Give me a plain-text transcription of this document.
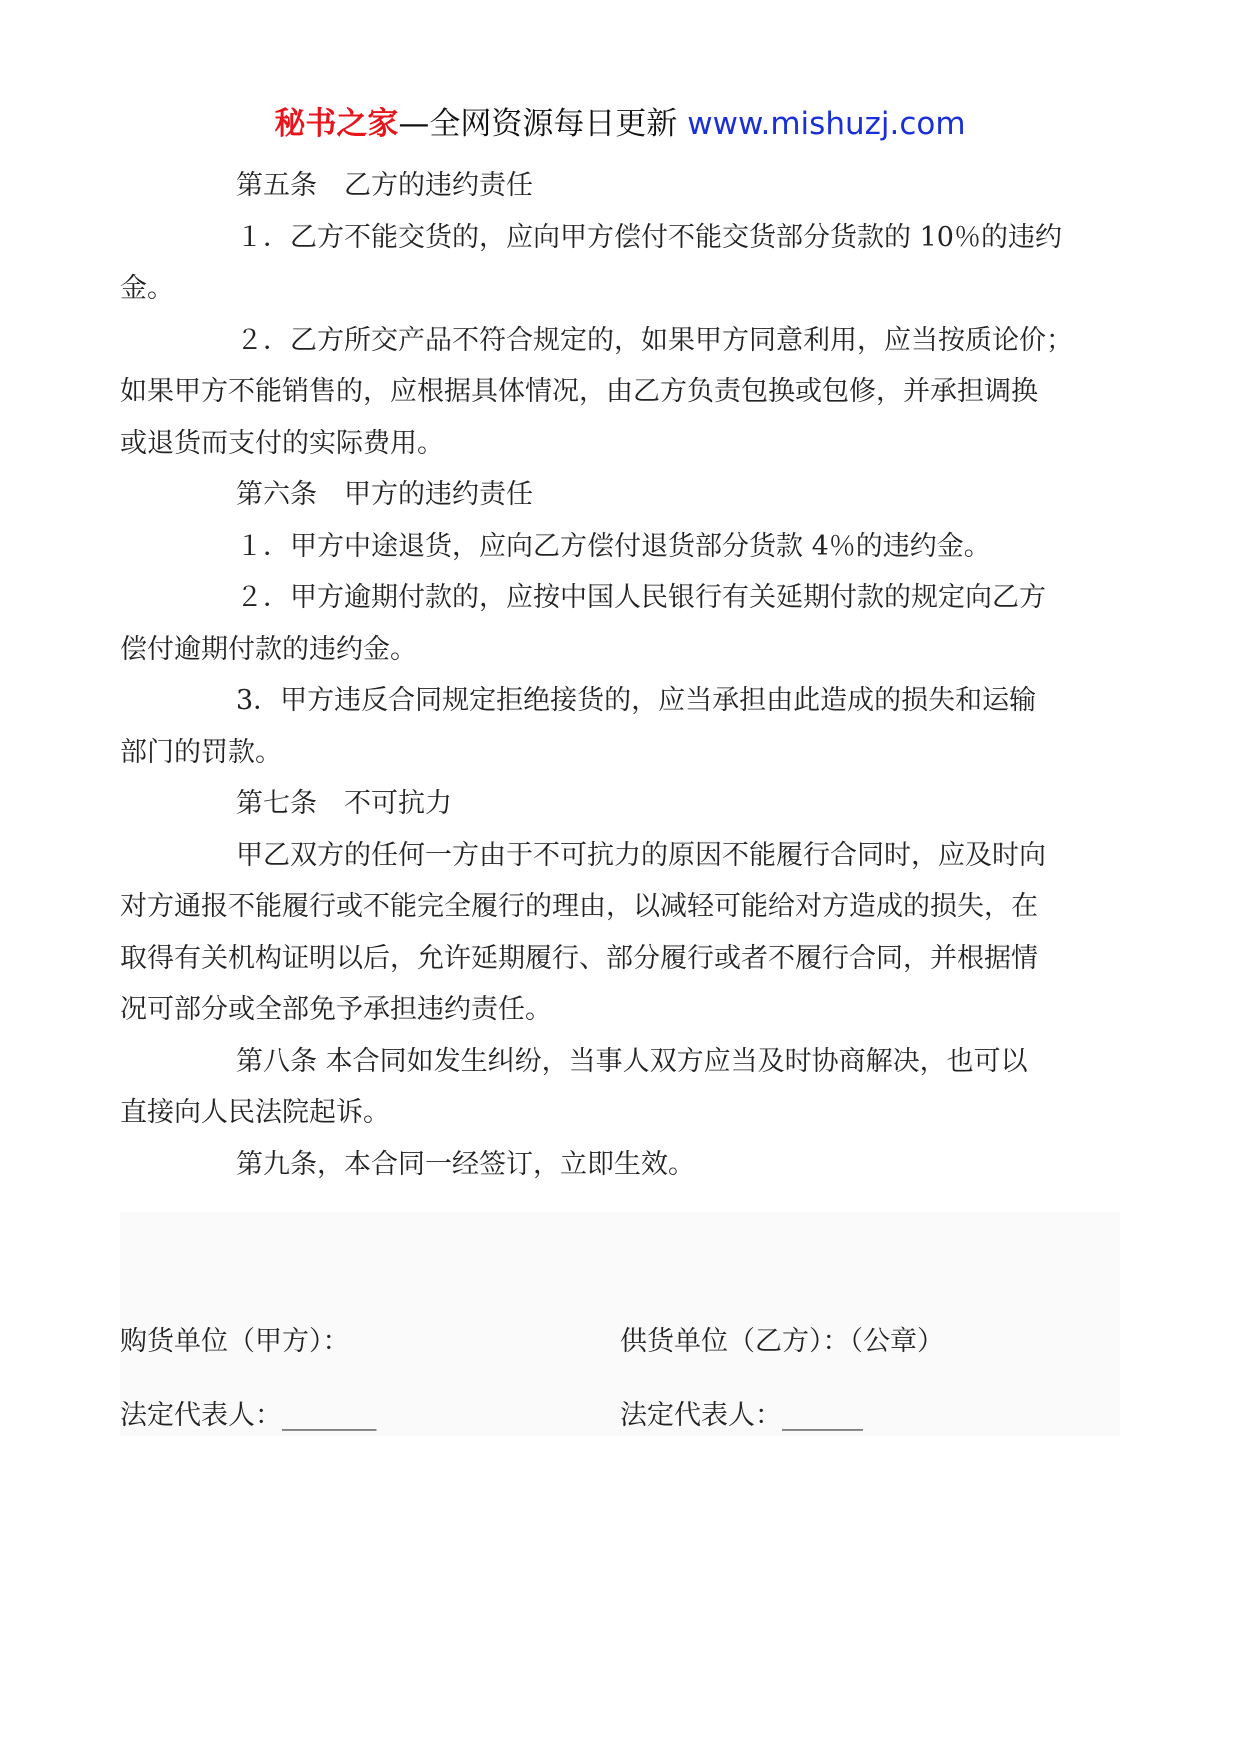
秘书之家—全网资源每日更新 www.mishuzj.com

第五条　乙方的违约责任

１．乙方不能交货的，应向甲方偿付不能交货部分货款的 10％的违约

金。

２．乙方所交产品不符合规定的，如果甲方同意利用，应当按质论价；

如果甲方不能销售的，应根据具体情况，由乙方负责包换或包修，并承担调换

或退货而支付的实际费用。

第六条　甲方的违约责任

１．甲方中途退货，应向乙方偿付退货部分货款 4％的违约金。

２．甲方逾期付款的，应按中国人民银行有关延期付款的规定向乙方

偿付逾期付款的违约金。

3．甲方违反合同规定拒绝接货的，应当承担由此造成的损失和运输

部门的罚款。

第七条　不可抗力

甲乙双方的任何一方由于不可抗力的原因不能履行合同时，应及时向

对方通报不能履行或不能完全履行的理由，以减轻可能给对方造成的损失，在

取得有关机构证明以后，允许延期履行、部分履行或者不履行合同，并根据情

况可部分或全部免予承担违约责任。

第八条 本合同如发生纠纷，当事人双方应当及时协商解决，也可以

直接向人民法院起诉。

第九条，本合同一经签订，立即生效。

购货单位（甲方）：	供货单位（乙方）：（公章）
法定代表人：_______	法定代表人：______
